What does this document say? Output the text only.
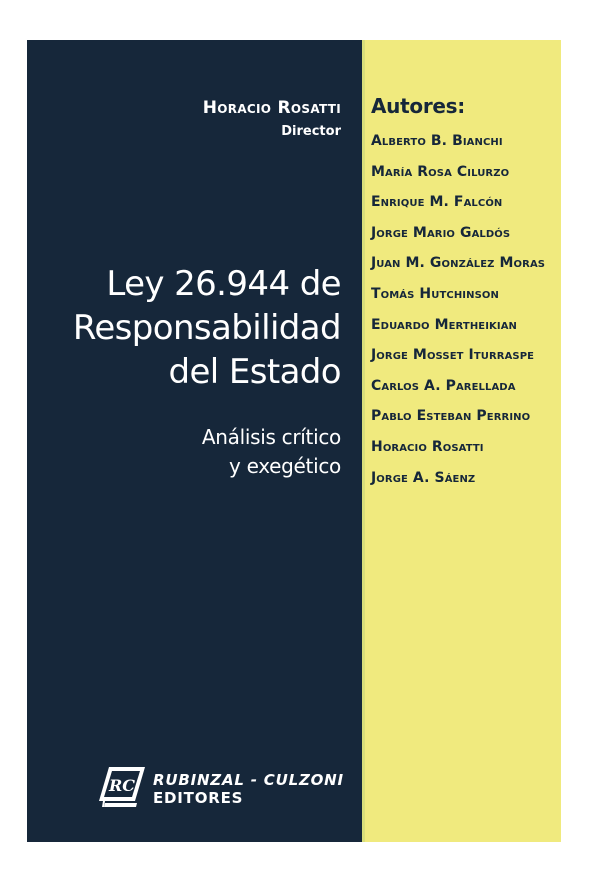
Horacio Rosatti
Director
Ley 26.944 de
Responsabilidad
del Estado
Análisis crítico
y exegético
RC RUBINZAL - CULZONI
EDITORES
Autores:
Alberto B. Bianchi
María Rosa Cilurzo
Enrique M. Falcón
Jorge Mario Galdós
Juan M. González Moras
Tomás Hutchinson
Eduardo Mertheikian
Jorge Mosset Iturraspe
Carlos A. Parellada
Pablo Esteban Perrino
Horacio Rosatti
Jorge A. Sáenz
